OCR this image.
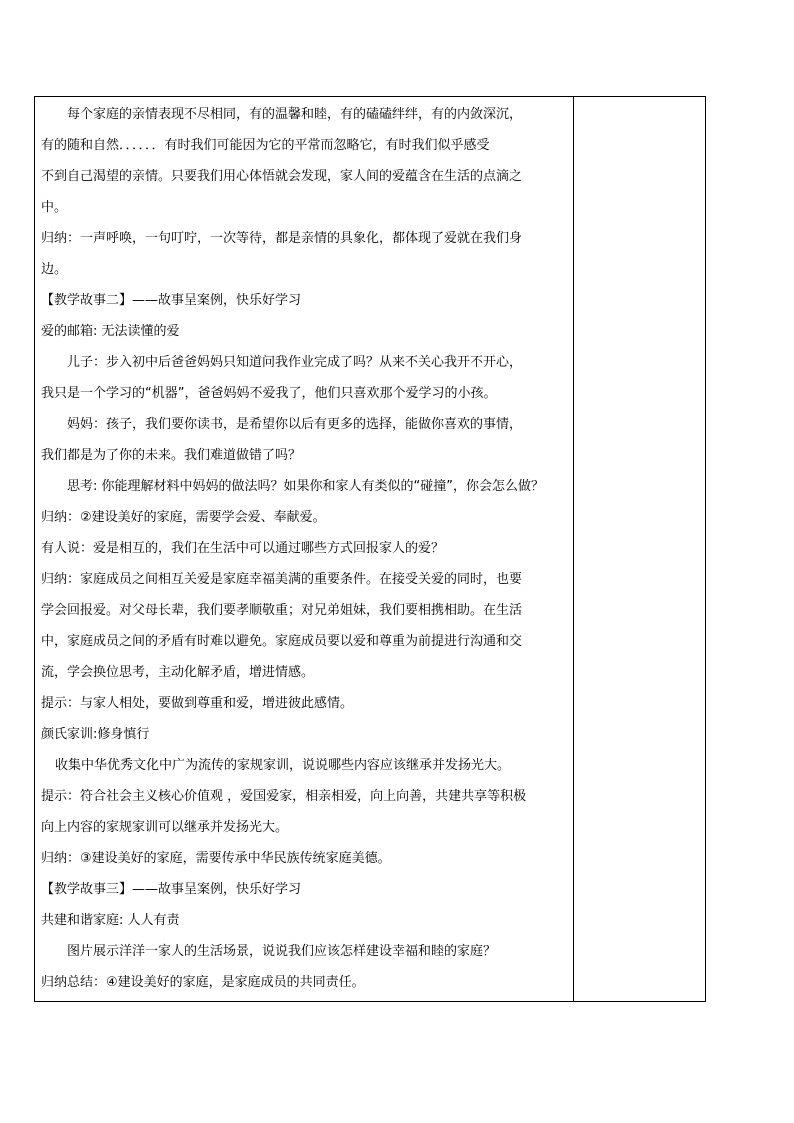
每个家庭的亲情表现不尽相同，有的温馨和睦，有的磕磕绊绊，有的内敛深沉，
有的随和自然．．．．．．有时我们可能因为它的平常而忽略它，有时我们似乎感受
不到自己渴望的亲情。只要我们用心体悟就会发现，家人间的爱蕴含在生活的点滴之
中。
归纳：一声呼唤，一句叮咛，一次等待，都是亲情的具象化，都体现了爱就在我们身
边。
【教学故事二】——故事呈案例，快乐好学习
爱的邮箱: 无法读懂的爱
儿子：步入初中后爸爸妈妈只知道问我作业完成了吗？从来不关心我开不开心，
我只是一个学习的“机器”，爸爸妈妈不爱我了，他们只喜欢那个爱学习的小孩。
妈妈：孩子，我们要你读书，是希望你以后有更多的选择，能做你喜欢的事情，
我们都是为了你的未来。我们难道做错了吗？
思考: 你能理解材料中妈妈的做法吗？如果你和家人有类似的“碰撞”，你会怎么做？
归纳：②建设美好的家庭，需要学会爱、奉献爱。
有人说：爱是相互的，我们在生活中可以通过哪些方式回报家人的爱？
归纳：家庭成员之间相互关爱是家庭幸福美满的重要条件。在接受关爱的同时，也要
学会回报爱。对父母长辈，我们要孝顺敬重；对兄弟姐妹，我们要相携相助。在生活
中，家庭成员之间的矛盾有时难以避免。家庭成员要以爱和尊重为前提进行沟通和交
流，学会换位思考，主动化解矛盾，增进情感。
提示：与家人相处，要做到尊重和爱，增进彼此感情。
颜氏家训:修身慎行
收集中华优秀文化中广为流传的家规家训，说说哪些内容应该继承并发扬光大。
提示：符合社会主义核心价值观 ，爱国爱家，相亲相爱，向上向善，共建共享等积极
向上内容的家规家训可以继承并发扬光大。
归纳：③建设美好的家庭，需要传承中华民族传统家庭美德。
【教学故事三】——故事呈案例，快乐好学习
共建和谐家庭: 人人有责
图片展示洋洋一家人的生活场景，说说我们应该怎样建设幸福和睦的家庭？
归纳总结：④建设美好的家庭，是家庭成员的共同责任。
